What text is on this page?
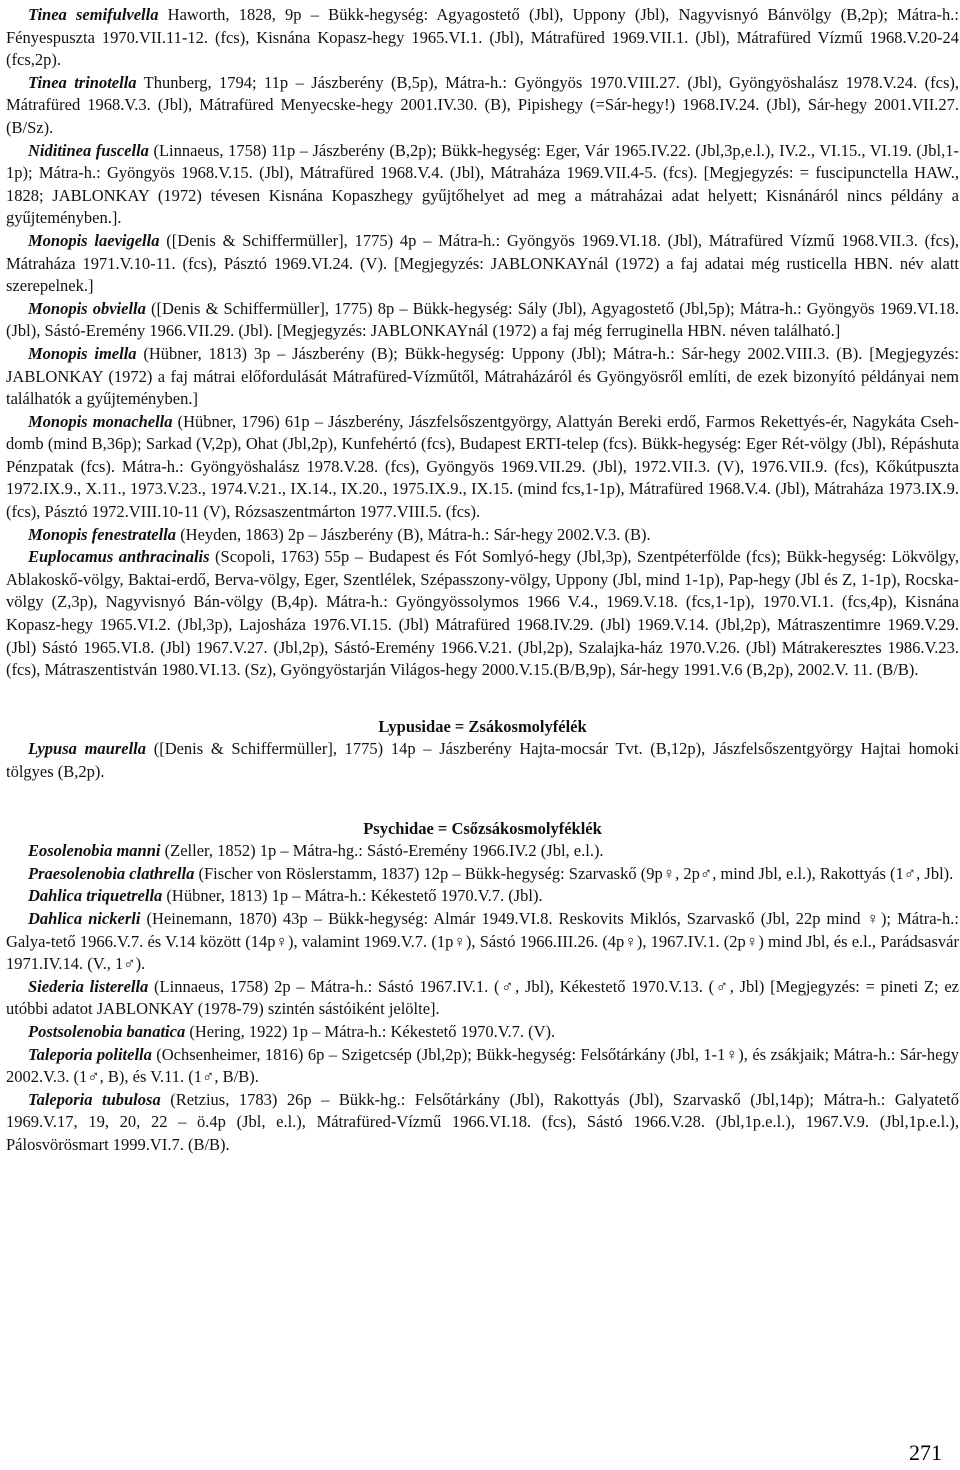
Tinea semifulvella Haworth, 1828, 9p – Bükk-hegység: Agyagostető (Jbl), Uppony (Jbl), Nagyvisnyó Bánvölgy (B,2p); Mátra-h.: Fényespuszta 1970.VII.11-12. (fcs), Kisnána Kopasz-hegy 1965.VI.1. (Jbl), Mátrafüred 1969.VII.1. (Jbl), Mátrafüred Vízmű 1968.V.20-24 (fcs,2p).

Tinea trinotella Thunberg, 1794; 11p – Jászberény (B,5p), Mátra-h.: Gyöngyös 1970.VIII.27. (Jbl), Gyöngyöshalász 1978.V.24. (fcs), Mátrafüred 1968.V.3. (Jbl), Mátrafüred Menyecske-hegy 2001.IV.30. (B), Pipishegy (=Sár-hegy!) 1968.IV.24. (Jbl), Sár-hegy 2001.VII.27. (B/Sz).

Niditinea fuscella (Linnaeus, 1758) 11p – Jászberény (B,2p); Bükk-hegység: Eger, Vár 1965.IV.22. (Jbl,3p,e.l.), IV.2., VI.15., VI.19. (Jbl,1-1p); Mátra-h.: Gyöngyös 1968.V.15. (Jbl), Mátrafüred 1968.V.4. (Jbl), Mátraháza 1969.VII.4-5. (fcs). [Megjegyzés: = fuscipunctella HAW., 1828; JABLONKAY (1972) tévesen Kisnána Kopaszhegy gyűjtőhelyet ad meg a mátraházai adat helyett; Kisnánáról nincs példány a gyűjteményben.].

Monopis laevigella ([Denis & Schiffermüller], 1775) 4p – Mátra-h.: Gyöngyös 1969.VI.18. (Jbl), Mátrafüred Vízmű 1968.VII.3. (fcs), Mátraháza 1971.V.10-11. (fcs), Pásztó 1969.VI.24. (V). [Megjegyzés: JABLONKAYnál (1972) a faj adatai még rusticella HBN. név alatt szerepelnek.]

Monopis obviella ([Denis & Schiffermüller], 1775) 8p – Bükk-hegység: Sály (Jbl), Agyagostető (Jbl,5p); Mátra-h.: Gyöngyös 1969.VI.18. (Jbl), Sástó-Eremény 1966.VII.29. (Jbl). [Megjegyzés: JABLONKAYnál (1972) a faj még ferruginella HBN. néven található.]

Monopis imella (Hübner, 1813) 3p – Jászberény (B); Bükk-hegység: Uppony (Jbl); Mátra-h.: Sár-hegy 2002.VIII.3. (B). [Megjegyzés: JABLONKAY (1972) a faj mátrai előfordulását Mátrafüred-Vízműtől, Mátraházáról és Gyöngyösről említi, de ezek bizonyító példányai nem találhatók a gyűjteményben.]

Monopis monachella (Hübner, 1796) 61p – Jászberény, Jászfelsőszentgyörgy, Alattyán Bereki erdő, Farmos Rekettyés-ér, Nagykáta Cseh-domb (mind B,36p); Sarkad (V,2p), Ohat (Jbl,2p), Kunfehértó (fcs), Budapest ERTI-telep (fcs). Bükk-hegység: Eger Rét-völgy (Jbl), Répáshuta Pénzpatak (fcs). Mátra-h.: Gyöngyöshalász 1978.V.28. (fcs), Gyöngyös 1969.VII.29. (Jbl), 1972.VII.3. (V), 1976.VII.9. (fcs), Kőkútpuszta 1972.IX.9., X.11., 1973.V.23., 1974.V.21., IX.14., IX.20., 1975.IX.9., IX.15. (mind fcs,1-1p), Mátrafüred 1968.V.4. (Jbl), Mátraháza 1973.IX.9. (fcs), Pásztó 1972.VIII.10-11 (V), Rózsaszentmárton 1977.VIII.5. (fcs).

Monopis fenestratella (Heyden, 1863) 2p – Jászberény (B), Mátra-h.: Sár-hegy 2002.V.3. (B).

Euplocamus anthracinalis (Scopoli, 1763) 55p – Budapest és Fót Somlyó-hegy (Jbl,3p), Szentpéterfölde (fcs); Bükk-hegység: Lökvölgy, Ablakoskő-völgy, Baktai-erdő, Berva-völgy, Eger, Szentlélek, Szépasszony-völgy, Uppony (Jbl, mind 1-1p), Pap-hegy (Jbl és Z, 1-1p), Rocska-völgy (Z,3p), Nagyvisnyó Bán-völgy (B,4p). Mátra-h.: Gyöngyössolymos 1966 V.4., 1969.V.18. (fcs,1-1p), 1970.VI.1. (fcs,4p), Kisnána Kopasz-hegy 1965.VI.2. (Jbl,3p), Lajosháza 1976.VI.15. (Jbl) Mátrafüred 1968.IV.29. (Jbl) 1969.V.14. (Jbl,2p), Mátraszentimre 1969.V.29. (Jbl) Sástó 1965.VI.8. (Jbl) 1967.V.27. (Jbl,2p), Sástó-Eremény 1966.V.21. (Jbl,2p), Szalajka-ház 1970.V.26. (Jbl) Mátrakeresztes 1986.V.23. (fcs), Mátraszentistván 1980.VI.13. (Sz), Gyöngyöstarján Világos-hegy 2000.V.15.(B/B,9p), Sár-hegy 1991.V.6 (B,2p), 2002.V. 11. (B/B).

Lypusidae = Zsákosmolyfélék

Lypusa maurella ([Denis & Schiffermüller], 1775) 14p – Jászberény Hajta-mocsár Tvt. (B,12p), Jászfelsőszentgyörgy Hajtai homoki tölgyes (B,2p).

Psychidae = Csőzsákosmolyféklék

Eosolenobia manni (Zeller, 1852) 1p – Mátra-hg.: Sástó-Eremény 1966.IV.2 (Jbl, e.l.).

Praesolenobia clathrella (Fischer von Röslerstamm, 1837) 12p – Bükk-hegység: Szarvaskő (9p♀, 2p♂, mind Jbl, e.l.), Rakottyás (1♂, Jbl).

Dahlica triquetrella (Hübner, 1813) 1p – Mátra-h.: Kékestető 1970.V.7. (Jbl).

Dahlica nickerli (Heinemann, 1870) 43p – Bükk-hegység: Almár 1949.VI.8. Reskovits Miklós, Szarvaskő (Jbl, 22p mind ♀); Mátra-h.: Galya-tető 1966.V.7. és V.14 között (14p♀), valamint 1969.V.7. (1p♀), Sástó 1966.III.26. (4p♀), 1967.IV.1. (2p♀) mind Jbl, és e.l., Parádsasvár 1971.IV.14. (V., 1♂).

Siederia listerella (Linnaeus, 1758) 2p – Mátra-h.: Sástó 1967.IV.1. (♂, Jbl), Kékestető 1970.V.13. (♂, Jbl) [Megjegyzés: = pineti Z; ez utóbbi adatot JABLONKAY (1978-79) szintén sástóiként jelölte].

Postsolenobia banatica (Hering, 1922) 1p – Mátra-h.: Kékestető 1970.V.7. (V).

Taleporia politella (Ochsenheimer, 1816) 6p – Szigetcsép (Jbl,2p); Bükk-hegység: Felsőtárkány (Jbl, 1-1♀), és zsákjaik; Mátra-h.: Sár-hegy 2002.V.3. (1♂, B), és V.11. (1♂, B/B).

Taleporia tubulosa (Retzius, 1783) 26p – Bükk-hg.: Felsőtárkány (Jbl), Rakottyás (Jbl), Szarvaskő (Jbl,14p); Mátra-h.: Galyatető 1969.V.17, 19, 20, 22 – ö.4p (Jbl, e.l.), Mátrafüred-Vízmű 1966.VI.18. (fcs), Sástó 1966.V.28. (Jbl,1p.e.l.), 1967.V.9. (Jbl,1p.e.l.), Pálosvörösmart 1999.VI.7. (B/B).

271
